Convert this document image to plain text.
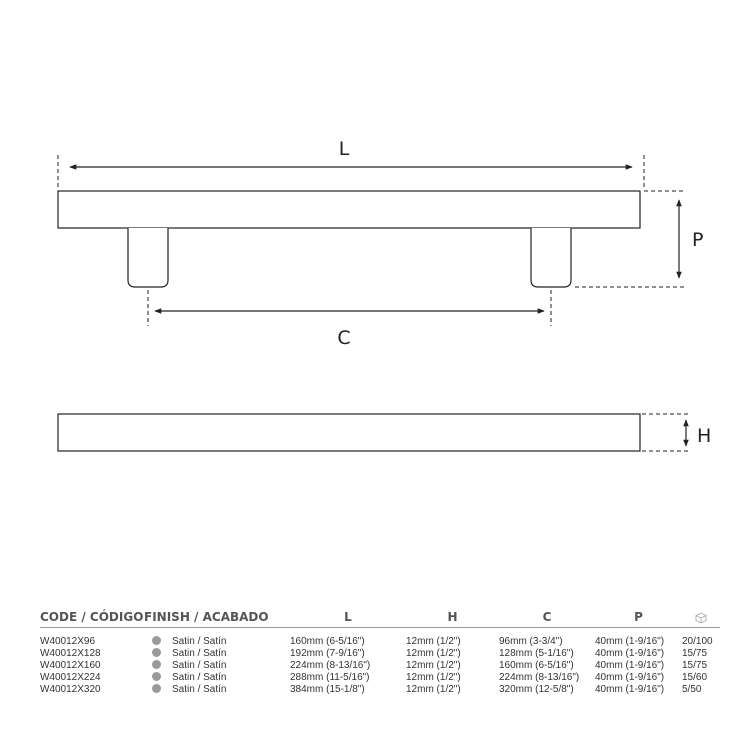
L
P
C
H
CODE / CÓDIGO	FINISH / ACABADO	L	H	C	P	
W40012X96	Satin / Satín	160mm (6-5/16")	12mm (1/2")	96mm (3-3/4")	40mm (1-9/16")	20/100
W40012X128	Satin / Satín	192mm (7-9/16")	12mm (1/2")	128mm (5-1/16")	40mm (1-9/16")	15/75
W40012X160	Satin / Satín	224mm (8-13/16")	12mm (1/2")	160mm (6-5/16")	40mm (1-9/16")	15/75
W40012X224	Satin / Satín	288mm (11-5/16")	12mm (1/2")	224mm (8-13/16")	40mm (1-9/16")	15/60
W40012X320	Satin / Satín	384mm (15-1/8")	12mm (1/2")	320mm (12-5/8")	40mm (1-9/16")	5/50
